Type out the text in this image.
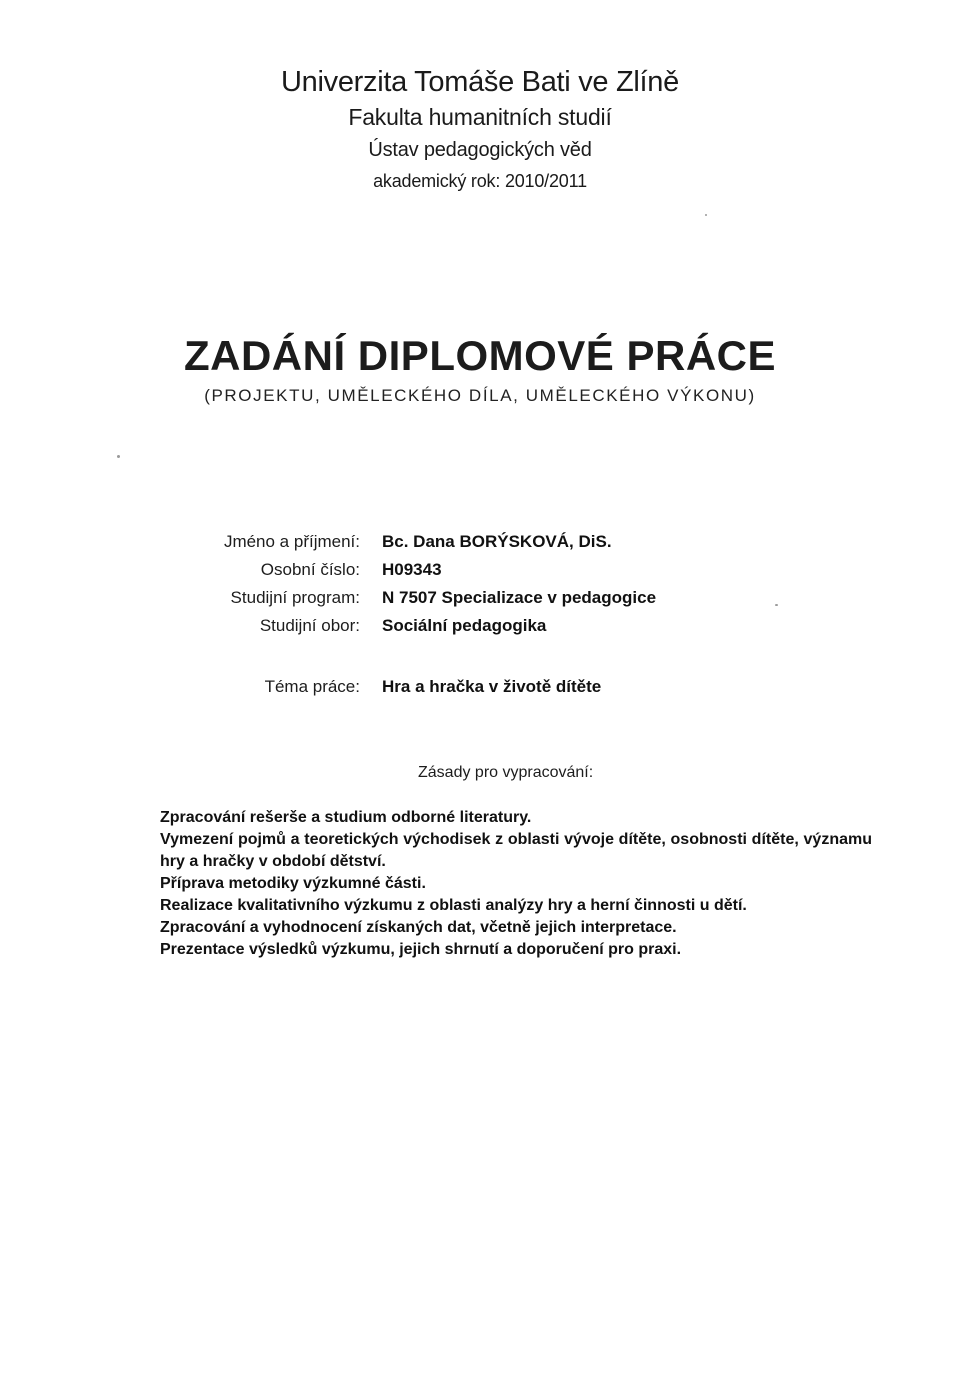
Univerzita Tomáše Bati ve Zlíně
Fakulta humanitních studií
Ústav pedagogických věd
akademický rok: 2010/2011
ZADÁNÍ DIPLOMOVÉ PRÁCE
(PROJEKTU, UMĚLECKÉHO DÍLA, UMĚLECKÉHO VÝKONU)
Jméno a příjmení: Bc. Dana BORÝSKOVÁ, DiS.
Osobní číslo: H09343
Studijní program: N 7507 Specializace v pedagogice
Studijní obor: Sociální pedagogika
Téma práce: Hra a hračka v životě dítěte
Zásady pro vypracování:
Zpracování rešerše a studium odborné literatury.
Vymezení pojmů a teoretických východisek z oblasti vývoje dítěte, osobnosti dítěte, významu hry a hračky v období dětství.
Příprava metodiky výzkumné části.
Realizace kvalitativního výzkumu z oblasti analýzy hry a herní činnosti u dětí.
Zpracování a vyhodnocení získaných dat, včetně jejich interpretace.
Prezentace výsledků výzkumu, jejich shrnutí a doporučení pro praxi.
